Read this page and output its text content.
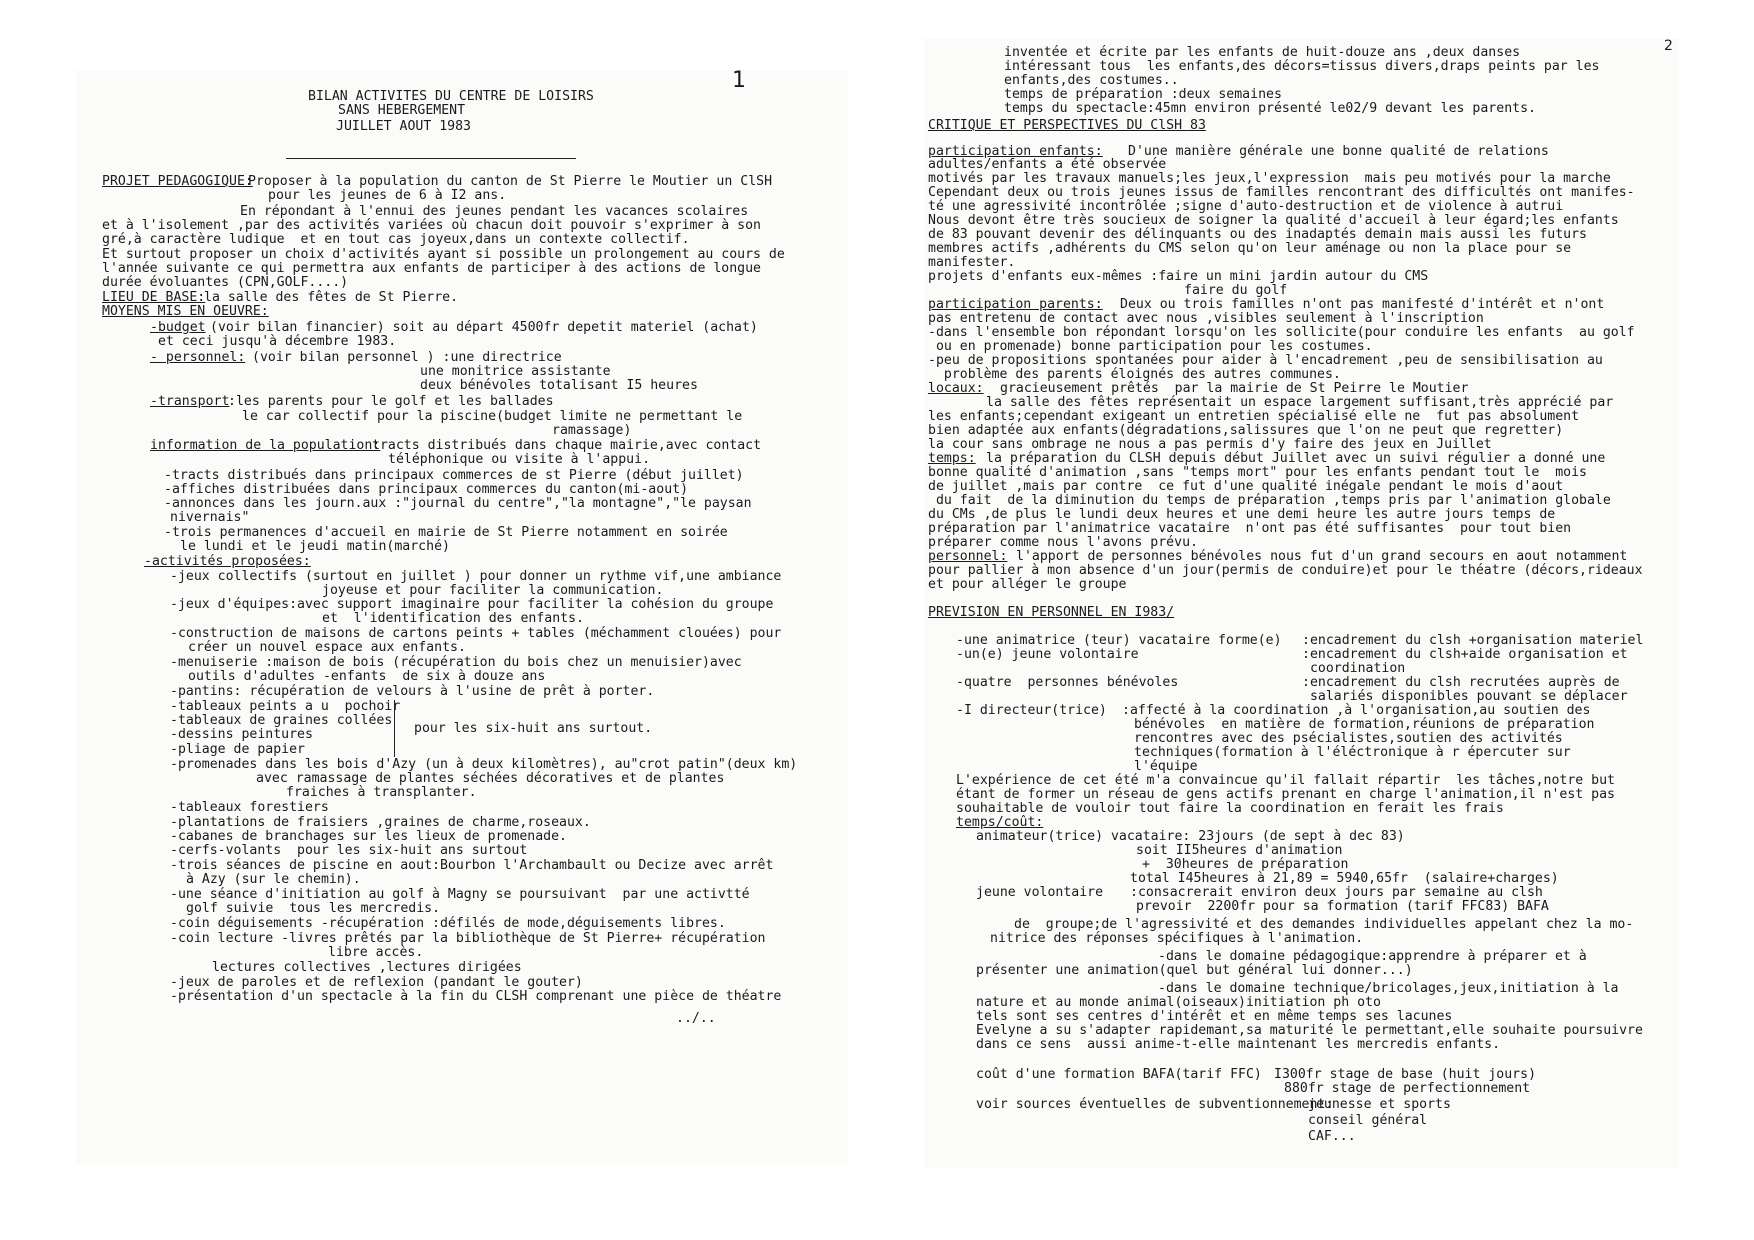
1
BILAN ACTIVITES DU CENTRE DE LOISIRS
SANS HEBERGEMENT
JUILLET AOUT 1983
PROJET PEDAGOGIQUE:
Proposer à la population du canton de St Pierre le Moutier un ClSH
pour les jeunes de 6 à I2 ans.
En répondant à l'ennui des jeunes pendant les vacances scolaires
et à l'isolement ,par des activités variées où chacun doit pouvoir s'exprimer à son
gré,à caractère ludique  et en tout cas joyeux,dans un contexte collectif.
Et surtout proposer un choix d'activités ayant si possible un prolongement au cours de
l'année suivante ce qui permettra aux enfants de participer à des actions de longue
durée évoluantes (CPN,GOLF....)
LIEU DE BASE:
la salle des fêtes de St Pierre.
MOYENS MIS EN OEUVRE:
-budget (voir bilan financier) soit au départ 4500fr depetit materiel (achat)
et ceci jusqu'à décembre 1983.
- personnel: (voir bilan personnel ) :une directrice
une monitrice assistante
deux bénévoles totalisant I5 heures
-transport
:les parents pour le golf et les ballades
le car collectif pour la piscine(budget limite ne permettant le
ramassage)
information de la population:
tracts distribués dans chaque mairie,avec contact
téléphonique ou visite à l'appui.
-tracts distribués dans principaux commerces de st Pierre (début juillet)
-affiches distribuées dans principaux commerces du canton(mi-aout)
-annonces dans les journ.aux :"journal du centre","la montagne","le paysan
nivernais"
-trois permanences d'accueil en mairie de St Pierre notamment en soirée
le lundi et le jeudi matin(marché)
-activités proposées:
-jeux collectifs (surtout en juillet ) pour donner un rythme vif,une ambiance
joyeuse et pour faciliter la communication.
-jeux d'équipes:avec support imaginaire pour faciliter la cohésion du groupe
et  l'identification des enfants.
-construction de maisons de cartons peints + tables (méchamment clouées) pour
créer un nouvel espace aux enfants.
-menuiserie :maison de bois (récupération du bois chez un menuisier)avec
outils d'adultes -enfants  de six à douze ans
-pantins: récupération de velours à l'usine de prêt à porter.
-tableaux peints a u  pochoir
-tableaux de graines collées
-dessins peintures
-pliage de papier
pour les six-huit ans surtout.
-promenades dans les bois d'Azy (un à deux kilomètres), au"crot patin"(deux km)
avec ramassage de plantes séchées décoratives et de plantes
fraiches à transplanter.
-tableaux forestiers
-plantations de fraisiers ,graines de charme,roseaux.
-cabanes de branchages sur les lieux de promenade.
-cerfs-volants  pour les six-huit ans surtout
-trois séances de piscine en aout:Bourbon l'Archambault ou Decize avec arrêt
à Azy (sur le chemin).
-une séance d'initiation au golf à Magny se poursuivant  par une activtté
golf suivie  tous les mercredis.
-coin déguisements -récupération :défilés de mode,déguisements libres.
-coin lecture -livres prêtés par la bibliothèque de St Pierre+ récupération
libre accès.
lectures collectives ,lectures dirigées
-jeux de paroles et de reflexion (pandant le gouter)
-présentation d'un spectacle à la fin du CLSH comprenant une pièce de théatre
../..
2
inventée et écrite par les enfants de huit-douze ans ,deux danses
intéressant tous  les enfants,des décors=tissus divers,draps peints par les
enfants,des costumes..
temps de préparation :deux semaines
temps du spectacle:45mn environ présenté le02/9 devant les parents.
CRITIQUE ET PERSPECTIVES DU ClSH 83
participation enfants: D'une manière générale une bonne qualité de relations
adultes/enfants a été observée
motivés par les travaux manuels;les jeux,l'expression  mais peu motivés pour la marche
Cependant deux ou trois jeunes issus de familles rencontrant des difficultés ont manifes-
té une agressivité incontrôlée ;signe d'auto-destruction et de violence à autrui
Nous devont être très soucieux de soigner la qualité d'accueil à leur égard;les enfants
de 83 pouvant devenir des délinquants ou des inadaptés demain mais aussi les futurs
membres actifs ,adhérents du CMS selon qu'on leur aménage ou non la place pour se
manifester.
projets d'enfants eux-mêmes :faire un mini jardin autour du CMS
faire du golf
participation parents: Deux ou trois familles n'ont pas manifesté d'intérêt et n'ont
pas entretenu de contact avec nous ,visibles seulement à l'inscription
-dans l'ensemble bon répondant lorsqu'on les sollicite(pour conduire les enfants  au golf
ou en promenade) bonne participation pour les costumes.
-peu de propositions spontanées pour aider à l'encadrement ,peu de sensibilisation au
problème des parents éloignés des autres communes.
locaux: gracieusement prêtés  par la mairie de St Peirre le Moutier
la salle des fêtes représentait un espace largement suffisant,très apprécié par
les enfants;cependant exigeant un entretien spécialisé elle ne  fut pas absolument
bien adaptée aux enfants(dégradations,salissures que l'on ne peut que regretter)
la cour sans ombrage ne nous a pas permis d'y faire des jeux en Juillet
temps: la préparation du CLSH depuis début Juillet avec un suivi régulier a donné une
bonne qualité d'animation ,sans "temps mort" pour les enfants pendant tout le  mois
de juillet ,mais par contre  ce fut d'une qualité inégale pendant le mois d'aout
du fait  de la diminution du temps de préparation ,temps pris par l'animation globale
du CMs ,de plus le lundi deux heures et une demi heure les autre jours temps de
préparation par l'animatrice vacataire  n'ont pas été suffisantes  pour tout bien
préparer comme nous l'avons prévu.
personnel: l'apport de personnes bénévoles nous fut d'un grand secours en aout notamment
pour pallier à mon absence d'un jour(permis de conduire)et pour le théatre (décors,rideaux
et pour alléger le groupe
PREVISION EN PERSONNEL EN I983/
-une animatrice (teur) vacataire forme(e) :encadrement du clsh +organisation materiel
-un(e) jeune volontaire	:encadrement du clsh+aide organisation et
coordination
-quatre  personnes bénévoles	:encadrement du clsh recrutées auprès de
salariés disponibles pouvant se déplacer
-I directeur(trice) :affecté à la coordination ,à l'organisation,au soutien des
bénévoles  en matière de formation,réunions de préparation
rencontres avec des psécialistes,soutien des activités
techniques(formation à l'éléctronique à r épercuter sur
l'équipe
L'expérience de cet été m'a convaincue qu'il fallait répartir  les tâches,notre but
étant de former un réseau de gens actifs prenant en charge l'animation,il n'est pas
souhaitable de vouloir tout faire la coordination en ferait les frais
temps/coût:
animateur(trice) vacataire: 23jours (de sept à dec 83)
soit II5heures d'animation
+  30heures de préparation
total I45heures à 21,89 = 5940,65fr  (salaire+charges)
jeune volontaire :consacrerait environ deux jours par semaine au clsh
prevoir  2200fr pour sa formation (tarif FFC83) BAFA
de  groupe;de l'agressivité et des demandes individuelles appelant chez la mo-
nitrice des réponses spécifiques à l'animation.
-dans le domaine pédagogique:apprendre à préparer et à
présenter une animation(quel but général lui donner...)
-dans le domaine technique/bricolages,jeux,initiation à la
nature et au monde animal(oiseaux)initiation ph oto
tels sont ses centres d'intérêt et en même temps ses lacunes
Evelyne a su s'adapter rapidemant,sa maturité le permettant,elle souhaite poursuivre
dans ce sens  aussi anime-t-elle maintenant les mercredis enfants.
coût d'une formation BAFA(tarif FFC) I300fr stage de base (huit jours)
880fr stage de perfectionnement
voir sources éventuelles de subventionnement:
jeunesse et sports
conseil général
CAF...
